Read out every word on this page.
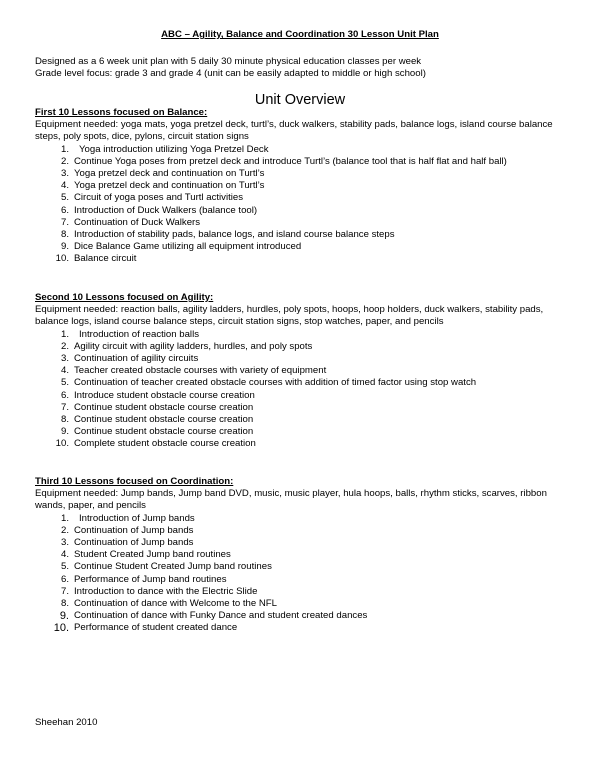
ABC – Agility, Balance and Coordination 30 Lesson Unit Plan
Designed as a 6 week unit plan with 5 daily 30 minute physical education classes per week
Grade level focus: grade 3 and grade 4 (unit can be easily adapted to middle or high school)
Unit Overview
First 10 Lessons focused on Balance:
Equipment needed: yoga mats, yoga pretzel deck, turtl’s, duck walkers, stability pads, balance logs, island course balance steps, poly spots, dice, pylons, circuit station signs
1.	Yoga introduction utilizing Yoga Pretzel Deck
2. Continue Yoga poses from pretzel deck and introduce Turtl’s (balance tool that is half flat and half ball)
3. Yoga pretzel deck and continuation on Turtl’s
4. Yoga pretzel deck and continuation on Turtl’s
5. Circuit of yoga poses and Turtl activities
6. Introduction of Duck Walkers (balance tool)
7. Continuation of Duck Walkers
8. Introduction of stability pads, balance logs, and island course balance steps
9. Dice Balance Game utilizing all equipment introduced
10. Balance circuit
Second 10 Lessons focused on Agility:
Equipment needed: reaction balls, agility ladders, hurdles, poly spots, hoops, hoop holders, duck walkers, stability pads, balance logs, island course balance steps, circuit station signs, stop watches, paper, and pencils
1.	Introduction of reaction balls
2. Agility circuit with agility ladders, hurdles, and poly spots
3. Continuation of agility circuits
4. Teacher created obstacle courses with variety of equipment
5. Continuation of teacher created obstacle courses with addition of timed factor using stop watch
6. Introduce student obstacle course creation
7. Continue student obstacle course creation
8. Continue student obstacle course creation
9. Continue student obstacle course creation
10. Complete student obstacle course creation
Third 10 Lessons focused on Coordination:
Equipment needed: Jump bands, Jump band DVD, music, music player, hula hoops, balls, rhythm sticks, scarves, ribbon wands, paper, and pencils
1.	Introduction of Jump bands
2. Continuation of Jump bands
3. Continuation of Jump bands
4. Student Created Jump band routines
5. Continue Student Created Jump band routines
6. Performance of Jump band routines
7. Introduction to dance with the Electric Slide
8. Continuation of dance with Welcome to the NFL
9. Continuation of dance with Funky Dance and student created dances
10. Performance of student created dance
Sheehan 2010
